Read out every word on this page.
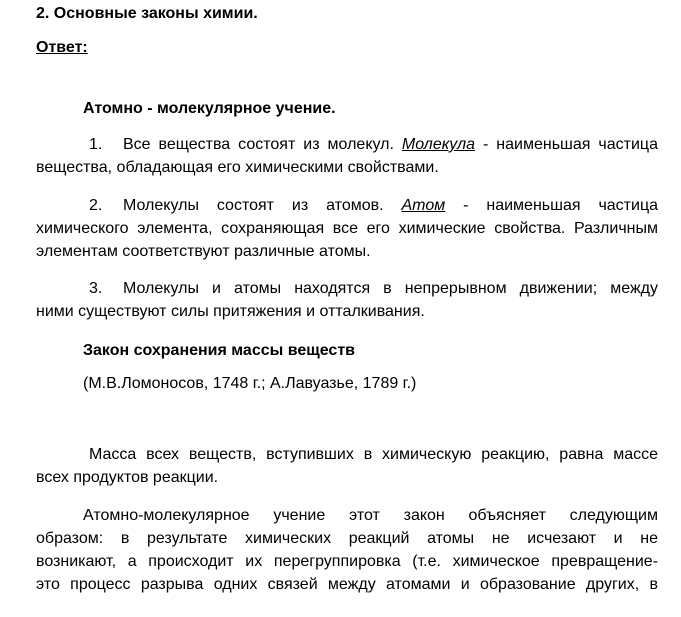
2. Основные законы химии.
Ответ:
Атомно - молекулярное учение.
1. Все вещества состоят из молекул. Молекула - наименьшая частица
вещества, обладающая его химическими свойствами.
2. Молекулы состоят из атомов. Атом - наименьшая частица
химического элемента, сохраняющая все его химические свойства. Различным
элементам соответствуют различные атомы.
3. Молекулы и атомы находятся в непрерывном движении; между
ними существуют силы притяжения и отталкивания.
Закон сохранения массы веществ
(М.В.Ломоносов, 1748 г.; А.Лавуазье, 1789 г.)
Масса всех веществ, вступивших в химическую реакцию, равна массе
всех продуктов реакции.
Атомно-молекулярное учение этот закон объясняет следующим
образом: в результате химических реакций атомы не исчезают и не
возникают, а происходит их перегруппировка (т.е. химическое превращение-
это процесс разрыва одних связей между атомами и образование других, в
